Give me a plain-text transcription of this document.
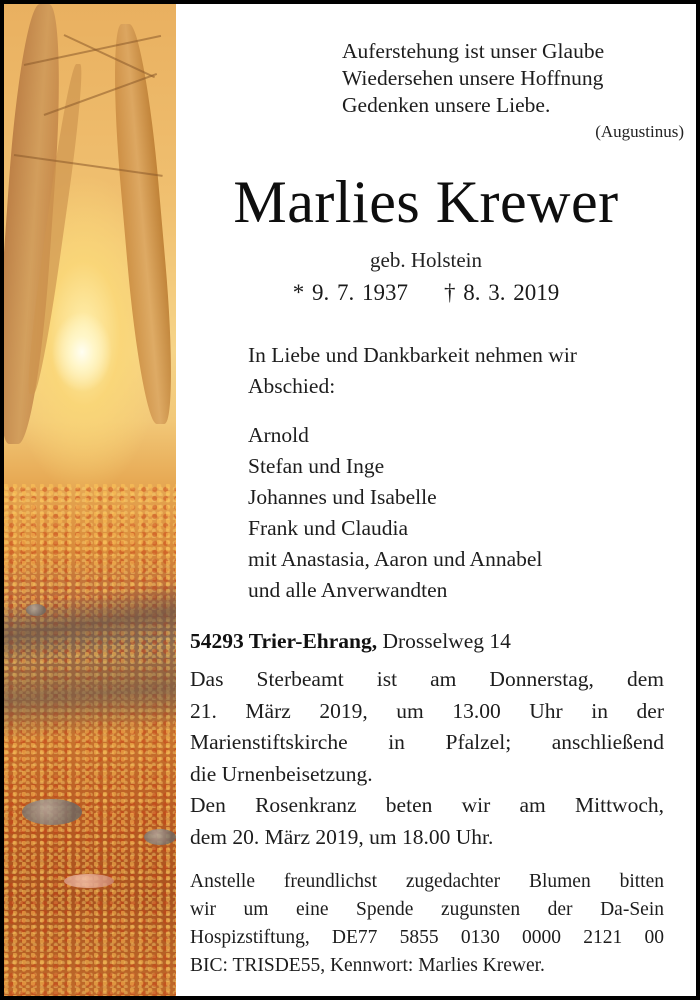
Auferstehung ist unser Glaube
Wiedersehen unsere Hoffnung
Gedenken unsere Liebe.
(Augustinus)
Marlies Krewer
geb. Holstein
* 9. 7. 1937 † 8. 3. 2019
In Liebe und Dankbarkeit nehmen wir
Abschied:
Arnold
Stefan und Inge
Johannes und Isabelle
Frank und Claudia
mit Anastasia, Aaron und Annabel
und alle Anverwandten
54293 Trier-Ehrang, Drosselweg 14
Das Sterbeamt ist am Donnerstag, dem
21. März 2019, um 13.00 Uhr in der
Marienstiftskirche in Pfalzel; anschließend
die Urnenbeisetzung.
Den Rosenkranz beten wir am Mittwoch,
dem 20. März 2019, um 18.00 Uhr.
Anstelle freundlichst zugedachter Blumen bitten
wir um eine Spende zugunsten der Da-Sein
Hospizstiftung, DE77 5855 0130 0000 2121 00
BIC: TRISDE55, Kennwort: Marlies Krewer.
